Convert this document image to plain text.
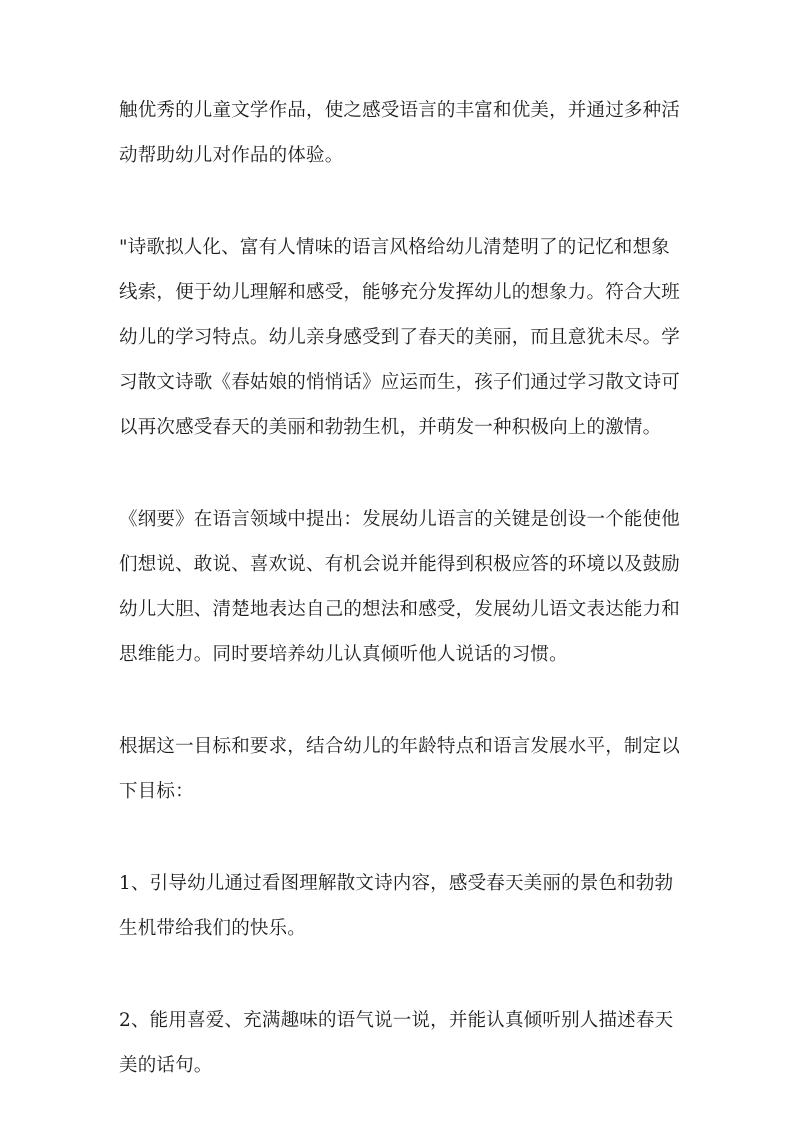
触优秀的儿童文学作品，使之感受语言的丰富和优美，并通过多种活
动帮助幼儿对作品的体验。

"诗歌拟人化、富有人情味的语言风格给幼儿清楚明了的记忆和想象
线索，便于幼儿理解和感受，能够充分发挥幼儿的想象力。符合大班
幼儿的学习特点。幼儿亲身感受到了春天的美丽，而且意犹未尽。学
习散文诗歌《春姑娘的悄悄话》应运而生，孩子们通过学习散文诗可
以再次感受春天的美丽和勃勃生机，并萌发一种积极向上的激情。

《纲要》在语言领域中提出：发展幼儿语言的关键是创设一个能使他
们想说、敢说、喜欢说、有机会说并能得到积极应答的环境以及鼓励
幼儿大胆、清楚地表达自己的想法和感受，发展幼儿语文表达能力和
思维能力。同时要培养幼儿认真倾听他人说话的习惯。

根据这一目标和要求，结合幼儿的年龄特点和语言发展水平，制定以
下目标：

1、引导幼儿通过看图理解散文诗内容，感受春天美丽的景色和勃勃
生机带给我们的快乐。

2、能用喜爱、充满趣味的语气说一说，并能认真倾听别人描述春天
美的话句。
